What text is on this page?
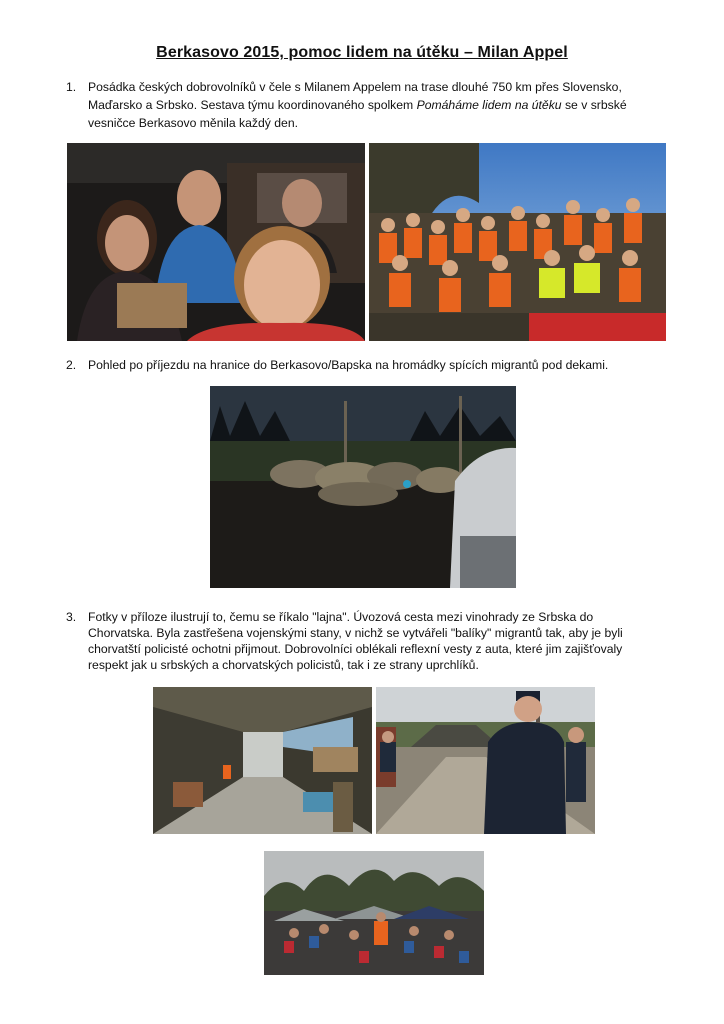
Berkasovo 2015, pomoc lidem na útěku – Milan Appel
1. Posádka českých dobrovolníků v čele s Milanem Appelem na trase dlouhé 750 km přes Slovensko,
Maďarsko a Srbsko. Sestava týmu koordinovaného spolkem Pomáháme lidem na útěku se v srbské
vesničce Berkasovo měnila každý den.
2. Pohled po příjezdu na hranice do Berkasovo/Bapska na hromádky spících migrantů pod dekami.
3. Fotky v příloze ilustrují to, čemu se říkalo "lajna". Úvozová cesta mezi vinohrady ze Srbska do
Chorvatska. Byla zastřešena vojenskými stany, v nichž se vytvářeli "balíky" migrantů tak, aby je byli
chorvatští policisté ochotni přijmout. Dobrovolníci oblékali reflexní vesty z auta, které jim zajišťovaly
respekt jak u srbských a chorvatských policistů, tak i ze strany uprchlíků.
